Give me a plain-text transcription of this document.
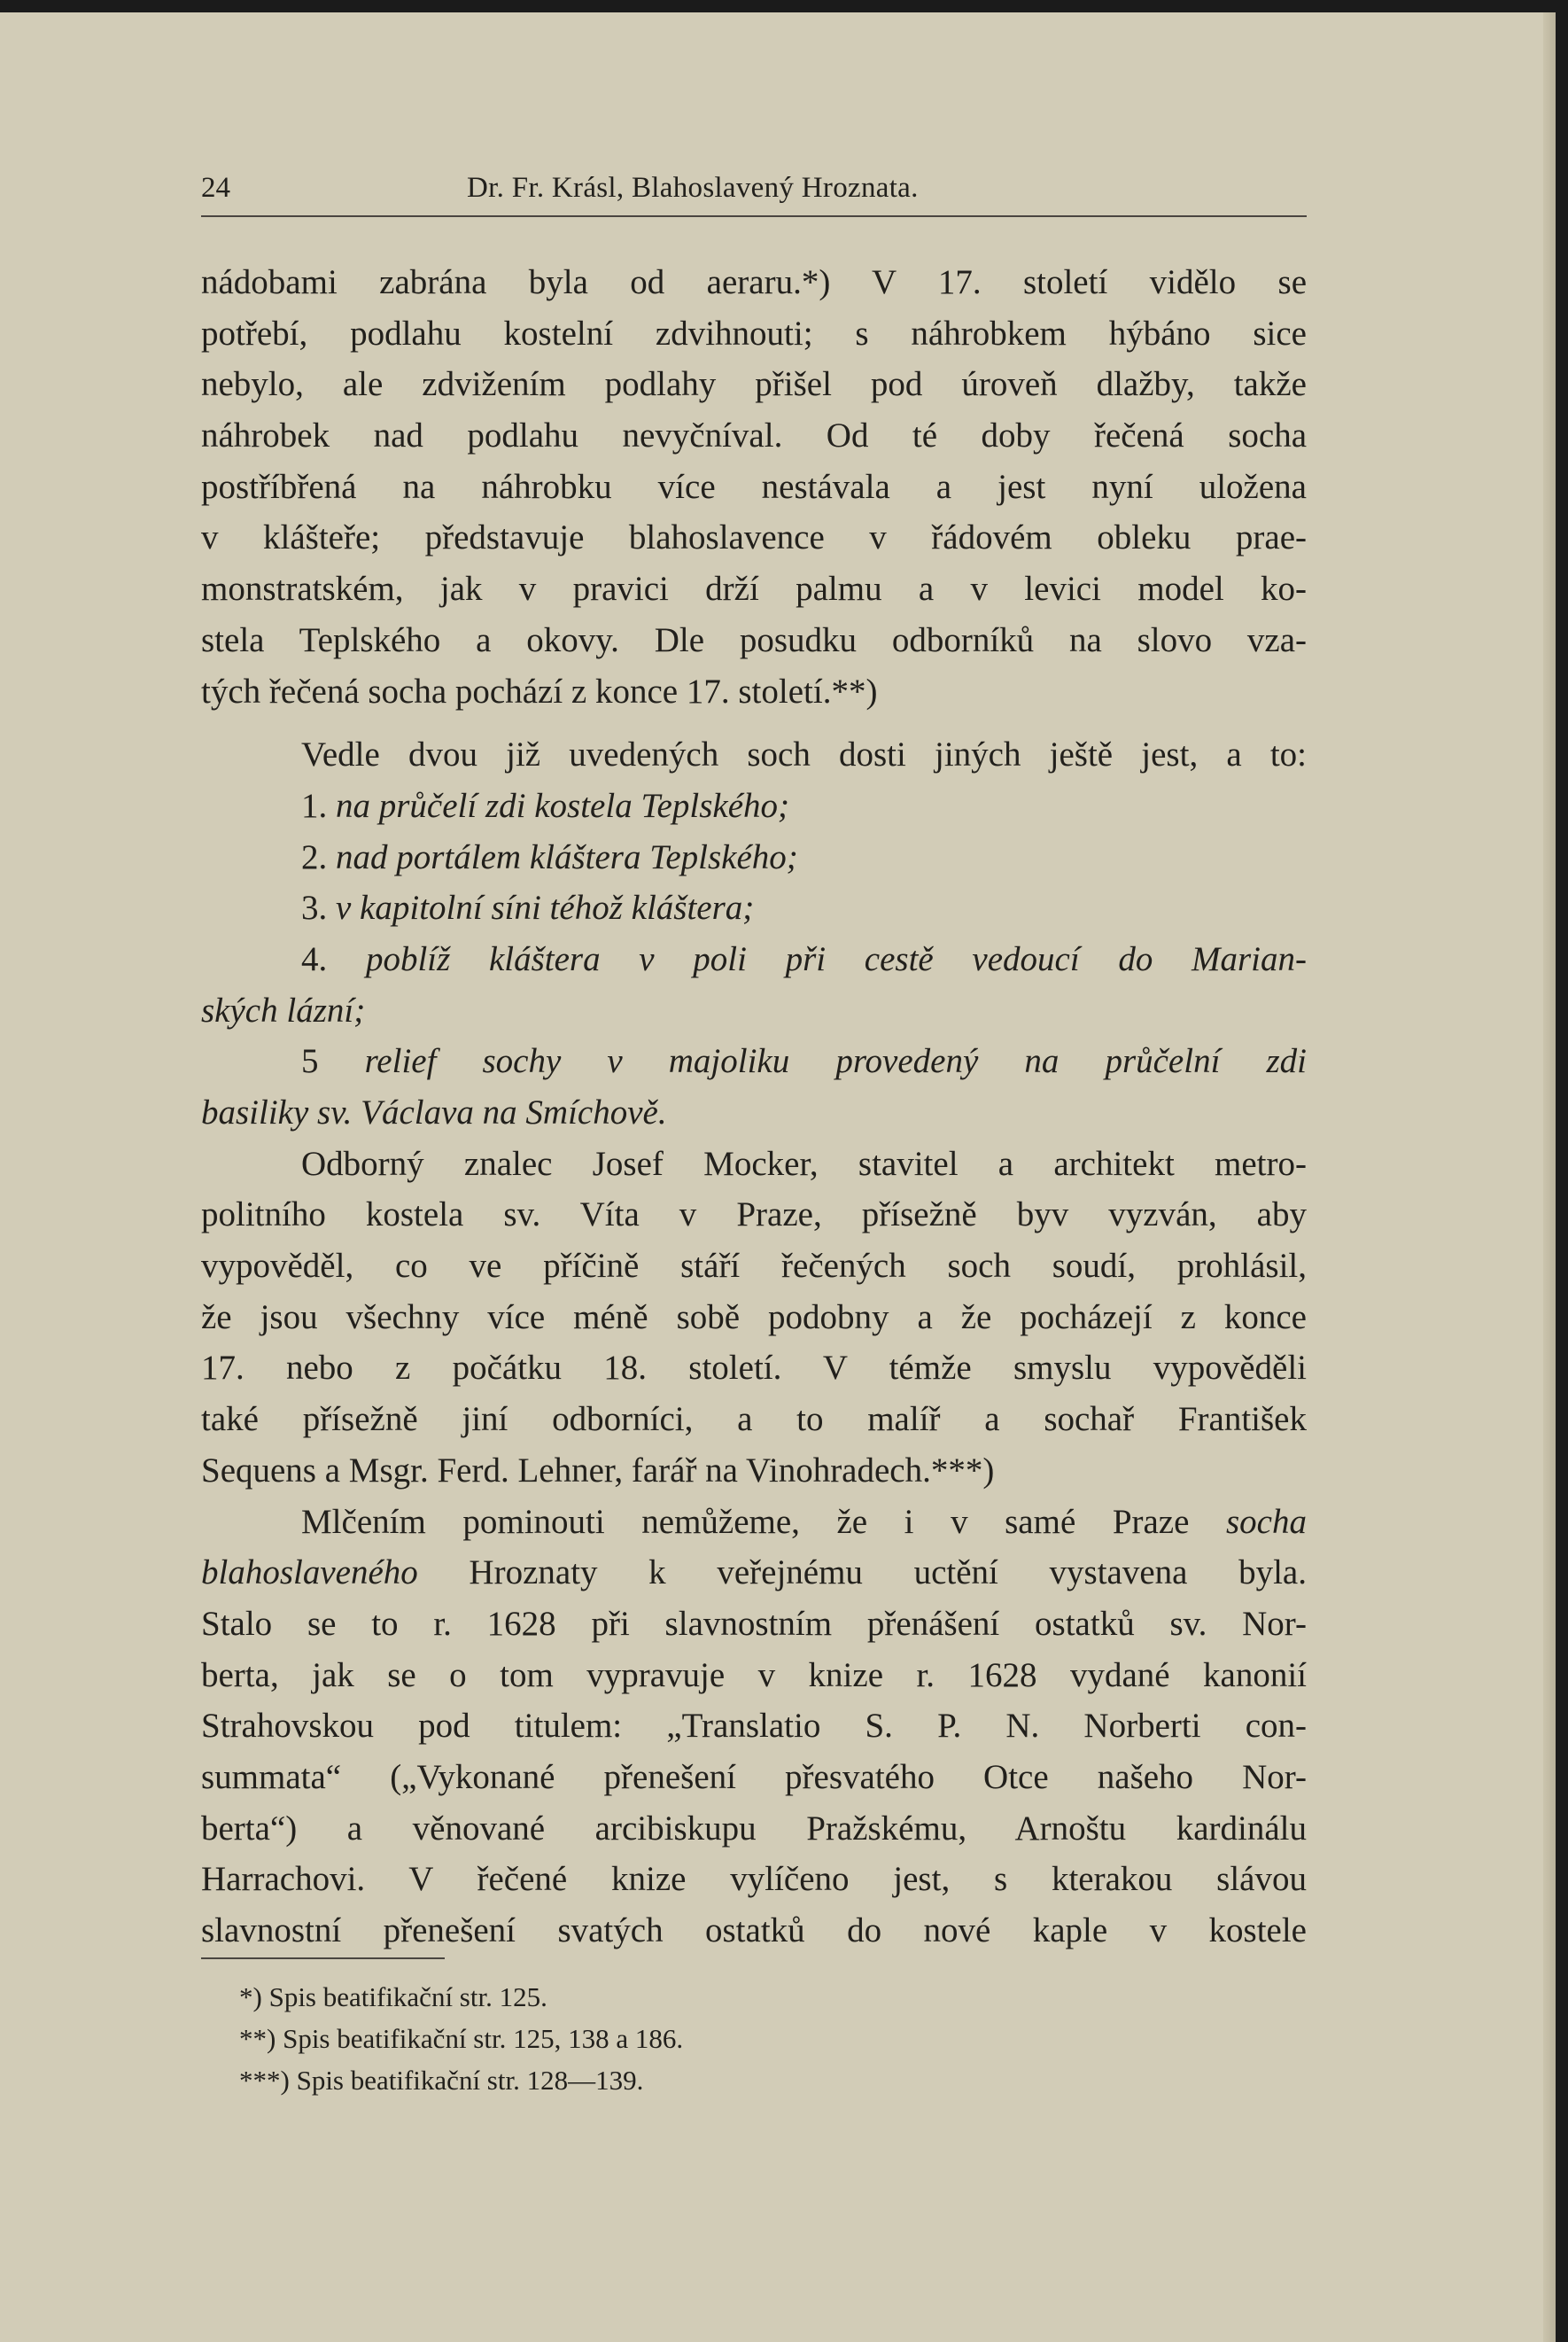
24	Dr. Fr. Krásl, Blahoslavený Hroznata.
nádobami zabrána byla od aeraru.*) V 17. století vidělo se
potřebí, podlahu kostelní zdvihnouti; s náhrobkem hýbáno sice
nebylo, ale zdvižením podlahy přišel pod úroveň dlažby, takže
náhrobek nad podlahu nevyčníval. Od té doby řečená socha
postříbřená na náhrobku více nestávala a jest nyní uložena
v klášteře; představuje blahoslavence v řádovém obleku prae-
monstratském, jak v pravici drží palmu a v levici model ko-
stela Teplského a okovy. Dle posudku odborníků na slovo vza-
tých řečená socha pochází z konce 17. století.**)
Vedle dvou již uvedených soch dosti jiných ještě jest, a to:
1. na průčelí zdi kostela Teplského;
2. nad portálem kláštera Teplského;
3. v kapitolní síni téhož kláštera;
4. poblíž kláštera v poli při cestě vedoucí do Marian-
ských lázní;
5 relief sochy v majoliku provedený na průčelní zdi
basiliky sv. Václava na Smíchově.
Odborný znalec Josef Mocker, stavitel a architekt metro-
politního kostela sv. Víta v Praze, přísežně byv vyzván, aby
vypověděl, co ve příčině stáří řečených soch soudí, prohlásil,
že jsou všechny více méně sobě podobny a že pocházejí z konce
17. nebo z počátku 18. století. V témže smyslu vypověděli
také přísežně jiní odborníci, a to malíř a sochař František
Sequens a Msgr. Ferd. Lehner, farář na Vinohradech.***)
Mlčením pominouti nemůžeme, že i v samé Praze socha
blahoslaveného Hroznaty k veřejnému uctění vystavena byla.
Stalo se to r. 1628 při slavnostním přenášení ostatků sv. Nor-
berta, jak se o tom vypravuje v knize r. 1628 vydané kanonií
Strahovskou pod titulem: „Translatio S. P. N. Norberti con-
summata“ („Vykonané přenešení přesvatého Otce našeho Nor-
berta“) a věnované arcibiskupu Pražskému, Arnoštu kardinálu
Harrachovi. V řečené knize vylíčeno jest, s kterakou slávou
slavnostní přenešení svatých ostatků do nové kaple v kostele
*) Spis beatifikační str. 125.
**) Spis beatifikační str. 125, 138 a 186.
***) Spis beatifikační str. 128—139.
